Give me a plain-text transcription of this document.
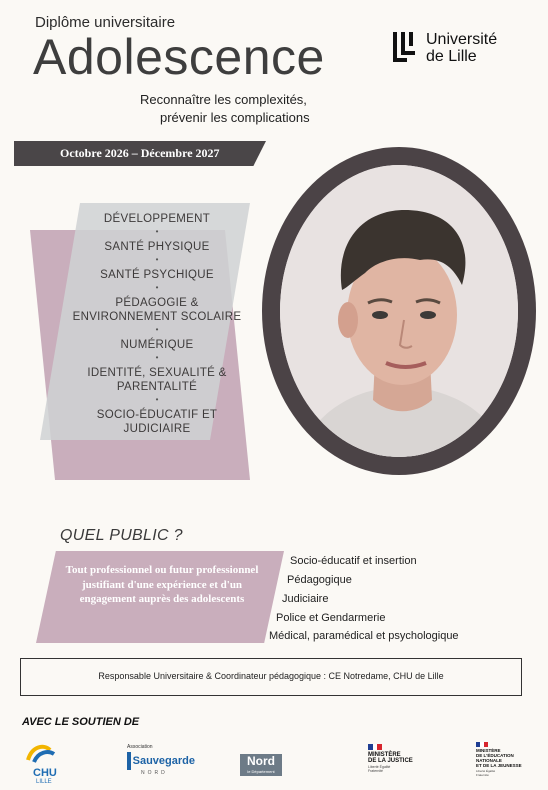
Diplôme universitaire
Adolescence
Reconnaître les complexités,
prévenir les complications
Université
de Lille
Octobre 2026 – Décembre 2027
DÉVELOPPEMENT
•
SANTÉ PHYSIQUE
•
SANTÉ PSYCHIQUE
•
PÉDAGOGIE & ENVIRONNEMENT SCOLAIRE
•
NUMÉRIQUE
•
IDENTITÉ, SEXUALITÉ & PARENTALITÉ
•
SOCIO-ÉDUCATIF ET JUDICIAIRE
QUEL PUBLIC ?
Tout professionnel ou futur professionnel justifiant d'une expérience et d'un engagement auprès des adolescents
Socio-éducatif et insertion
Pédagogique
Judiciaire
Police et Gendarmerie
Médical, paramédical et psychologique
Responsable Universitaire & Coordinateur pédagogique : CE Notredame, CHU de Lille
AVEC LE SOUTIEN DE
CHU
LILLE
Association
Sauvegarde
NORD
Nord
le Département
MINISTÈRE
DE LA JUSTICE
Liberté Égalité Fraternité
MINISTÈRE
DE L'ÉDUCATION
NATIONALE
ET DE LA JEUNESSE
Liberté Égalité Fraternité
